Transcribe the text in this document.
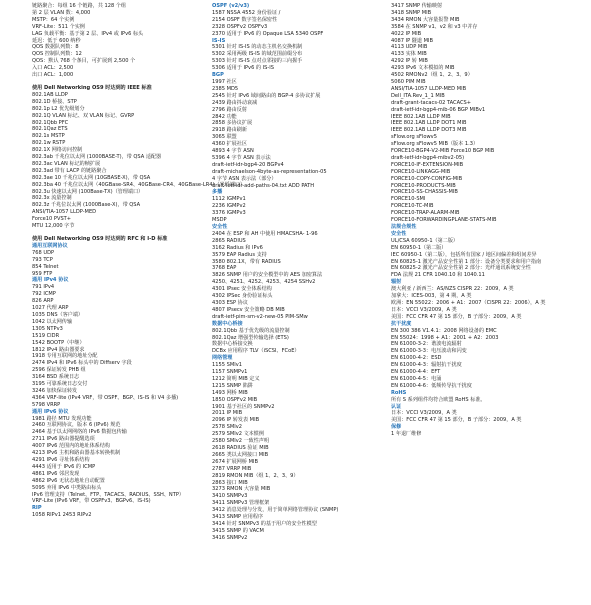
链路聚合：每组 16 个链路，共 128 个组
第 2 层 VLAN 数：4,000
MSTP：64 个实例
VRF-Lite：511 个实例
LAG 负载平衡：基于第 2 层、IPv4 或 IPv6 标头
延迟：低于 600 纳秒
QOS 数据队列数：8
QOS 控制队列数：12
QOS：默认 768 个条目，可扩展到 2,500 个
入口 ACL：2,500
出口 ACL：1,000
使用 Dell Networking OS9 时达到的 IEEE 标准
802.1AB LLDP
802.1D 桥接、STP
802.1p L2 优先级划分
802.1Q VLAN 标记、双 VLAN 标记、GVRP
802.1Qbb PFC
802.1Qaz ETS
802.1s MSTP
802.1w RSTP
802.1X 网络访问控制
802.3ab 千兆位以太网 (1000BASE-T)，带 QSA 适配器
802.3ac VLAN 标记的帧扩展
802.3ad 带有 LACP 的链路聚合
802.3ae 10 千兆位以太网 (10GBASE-X)，带 QSA
802.3ba 40 千兆位以太网（40GBase-SR4、40GBase-CR4、40GBase-LR4)（光纤端口）
802.3u 快速以太网 (100Base-TX)（管理端口）
802.3x 流量控制
802.3z 千兆位以太网 (1000Base-X)，带 QSA
ANSI/TIA-1057 LLDP-MED
Force10 PVST+
MTU 12,000 字节
使用 Dell Networking OS9 时达到的 RFC 和 I-D 标准
通用互联网协议
768 UDP
793 TCP
854 Telnet
959 FTP
通用 IPv4 协议
791 IPv4
792 ICMP
826 ARP
1027 代理 ARP
1035 DNS（客户端）
1042 以太网传输
1305 NTPv3
1519 CIDR
1542 BOOTP（中继）
1812 IPv4 路由器要求
1918 专用互联网的地址分配
2474 IPv4 和 IPv6 标头中的 Diffserv 字段
2596 保证转发 PHB 组
3164 BSD 系统日志
3195 可靠系统日志交付
3246 加快保证转发
4364 VRF-lite (IPv4 VRF，带 OSPF、BGP、IS-IS 和 V4 多播)
5798 VRRP
通用 IPv6 协议
1981 路径 MTU 发现功能
2460 互联网协议，版本 6 (IPv6) 规范
2464 基于以太网网络的 IPv6 数据包传输
2711 IPv6 路由器提醒选项
4007 IPv6 范围内的地址体系结构
4213 IPv6 主机和路由器基本转换机制
4291 IPv6 寻址体系结构
4443 适用于 IPv6 的 ICMP
4861 IPv6 邻居发现
4862 IPv6 无状态地址自动配置
5095 弃用 IPv6 中类路由标头
IPv6 管理支持（Telnet、FTP、TACACS、RADIUS、SSH、NTP）
VRF-Lite (IPv6 VRF，带 OSPFv3、BGPv6、IS-IS)
RIP
1058 RIPv1 2453 RIPv2
OSPF (v2/v3)
1587 NSSA 4552 身份验证 /
2154 OSPF 数字签名保密性
2328 OSPFv2 OSPFv3
2370 适用于 IPv6 的 Opaque LSA 5340 OSPF
IS-IS
5301 针对 IS-IS 的动态主机名交换机制
5302 采用两级 IS-IS 的域范围前缀分布
5303 针对 IS-IS 点对点邻接的三向握手
5306 适用于 IPv6 的 IS-IS
BGP
1997 社区
2385 MD5
2545 针对 IPv6 域间路由的 BGP-4 多协议扩展
2439 路由抖动衰减
2796 路由反射
2842 功能
2858 多协议扩展
2918 路由刷新
3065 联盟
4360 扩展社区
4893 4 字节 ASN
5396 4 字节 ASN 表示法
draft-ietf-idr-bgp4-20 BGPv4
draft-michaelson-4byte-as-representation-05
4 字节 ASN 表示法（部分）
draft-ietf-idr-add-paths-04.txt ADD PATH
多播
1112 IGMPv1
2236 IGMPv2
3376 IGMPv3
MSDP
安全性
2404 在 ESP 和 AH 中使用 HMACSHA- 1-96
2865 RADIUS
3162 Radius 和 IPv6
3579 EAP Radius 支持
3580 802.1X，带有 RADIUS
3768 EAP
3826 SNMP 用户的安全模型中的 AES 加密算法
4250、4251、4252、4253、4254 SSHv2
4301 IPsec 安全体系结构
4302 IPSec 身份验证标头
4303 ESP 协议
4807 IPsecv 安全策略 DB MIB
draft-ietf-pim-sm-v2-new-05 PIM-SMw
数据中心桥接
802.1Qbb 基于优先级的流量控制
802.1Qaz 增强型传输选择 (ETS)
数据中心桥接交换
DCBx 应用程序 TLV（iSCSI、FCoE）
网络管理
1155 SMIv1
1157 SNMPv1
1212 简明 MIB 定义
1215 SNMP 陷阱
1493 网桥 MIB
1850 OSPFv2 MIB
1901 基于社区的 SNMPv2
2011 IP MIB
2096 IP 转发表 MIB
2578 SMIv2
2579 SMIv2 文本惯例
2580 SMIv2 一致性声明
2618 RADIUS 验证 MIB
2665 类以太网接口 MIB
2674 扩展网桥 MIB
2787 VRRP MIB
2819 RMON MIB（组 1、2、3、9）
2863 接口 MIB
3273 RMON 大容量 MIB
3410 SNMPv3
3411 SNMPv3 管理框架
3412 消息处理与分发，用于简单网络管理协议 (SNMP)
3413 SNMP 应用程序
3414 针对 SNMPv3 的基于用户的安全性模型
3415 SNMP 的 VACM
3416 SNMPv2
3417 SNMP 传输映射
3418 SNMP MIB
3434 RMON 大容量报警 MIB
3584 在 SNMP v1、v2 和 v3 中并存
4022 IP MIB
4087 IP 隧道 MIB
4113 UDP MIB
4133 实体 MIB
4292 IP 转 MIB
4293 IPv6 文本模拟的 MIB
4502 RMONv2（组 1、2、3、9）
5060 PIM MIB
ANSI/TIA-1057 LLDP-MED MIB
Dell_ITA.Rev_1_1 MIB
draft-grant-tacacs-02 TACACS+
draft-ietf-idr-bgp4-mib-06 BGP MIBv1
IEEE 802.1AB LLDP MIB
IEEE 802.1AB LLDP DOT1 MIB
IEEE 802.1AB LLDP DOT3 MIB
sFlow.org sFlowv5
sFlow.org sFlowv5 MIB（版本 1.3）
FORCE10-BGP4-V2-MIB Force10 BGP MIB
draft-ietf-idr-bgp4-mibv2-05)
FORCE10-IF-EXTENSION-MIB
FORCE10-LINKAGG-MIB
FORCE10-COPY-CONFIG-MIB
FORCE10-PRODUCTS-MIB
FORCE10-SS-CHASSIS-MIB
FORCE10-SMI
FORCE10-TC-MIB
FORCE10-TRAP-ALARM-MIB
FORCE10-FORWARDINGPLANE-STATS-MIB
法规合规性
安全性
UL/CSA 60950-1（第二版）
EN 60950-1（第二版）
IEC 60950-1（第二版），包括所有国家 / 地区间偏差和组间差异
EN 60825-1 激光产品安全性第 1 部分：设备分类要求和用户指南
EN 60825-2 激光产品安全性第 2 部分：光纤通讯系统安全性
FDA 法规 21 CFR 1040.10 和 1040.11
辐射
澳大利亚 / 新西兰：AS/NZS CISPR 22：2009，A 类
加拿大：ICES-003，第 4 期，A 类
欧洲：EN 55022：2006 + A1：2007（CISPR 22：2006），A 类
日本：VCCI V3/2009，A 类
美国：FCC CFR 47 第 15 部分，B 子部分：2009，A 类
抗干扰度
EN 300 386 V1.4.1：2008 网络设备的 EMC
EN 55024：1998 + A1：2001 + A2：2003
EN 61000-3-2：谐波电流辐射
EN 61000-3-3：电压波动和闪变
EN 61000-4-2：ESD
EN 61000-4-3：辐射抗干扰度
EN 61000-4-4：EFT
EN 61000-4-5：电涌
EN 61000-4-6：低频传导抗干扰度
RoHS
所有 S 系列组件均符合欧盟 RoHS 标准。
认证
日本：VCCI V3/2009，A 类
美国：FCC CFR 47 第 15 部分，B 子部分：2009，A 类
保修
1 年退厂维修
